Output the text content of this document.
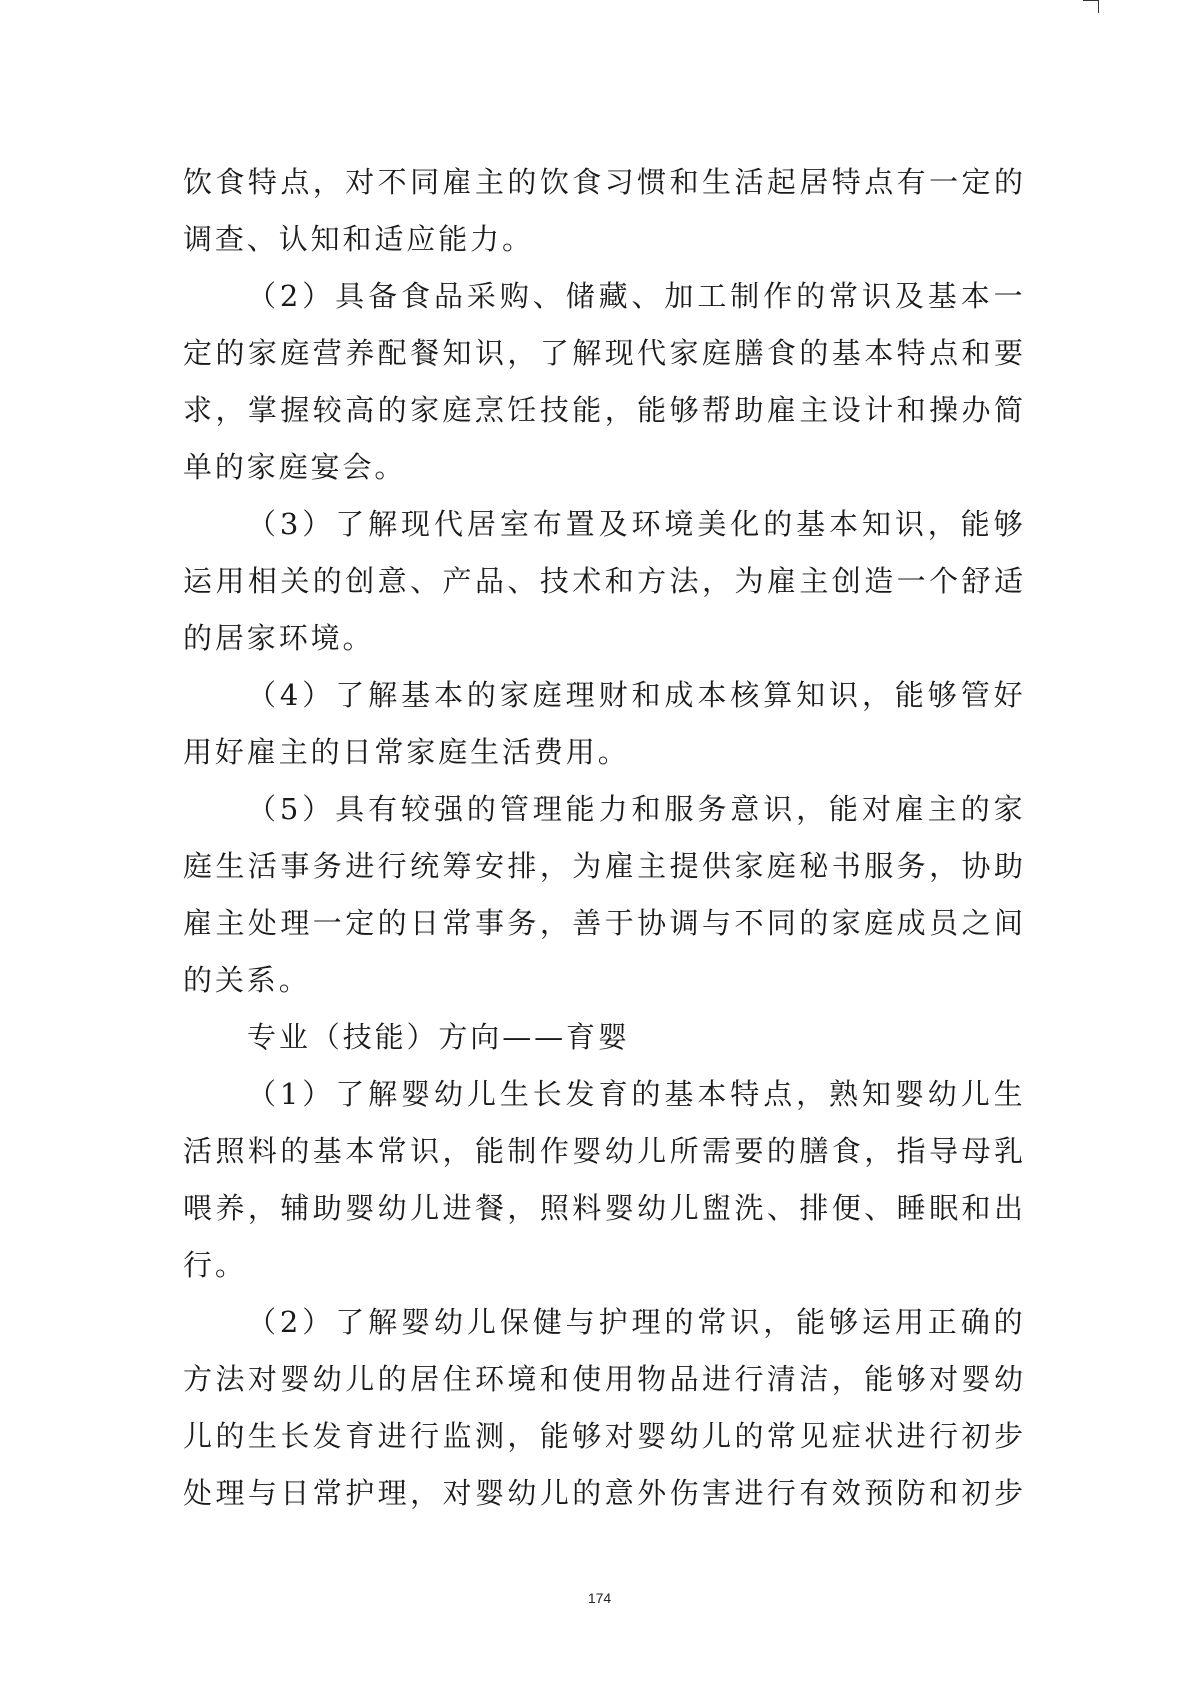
饮 食 特 点 ， 对 不 同 雇 主 的 饮 食 习 惯 和 生 活 起 居 特 点 有 一 定 的
调查、认知和适应能力。
（ 2 ） 具 备 食 品 采 购 、 储 藏 、 加 工 制 作 的 常 识 及 基 本 一
定 的 家 庭 营 养 配 餐 知 识 ， 了 解 现 代 家 庭 膳 食 的 基 本 特 点 和 要
求 ， 掌 握 较 高 的 家 庭 烹 饪 技 能 ， 能 够 帮 助 雇 主 设 计 和 操 办 简
单的家庭宴会。
（ 3 ） 了 解 现 代 居 室 布 置 及 环 境 美 化 的 基 本 知 识 ， 能 够
运 用 相 关 的 创 意 、 产 品 、 技 术 和 方 法 ， 为 雇 主 创 造 一 个 舒 适
的居家环境。
（ 4 ） 了 解 基 本 的 家 庭 理 财 和 成 本 核 算 知 识 ， 能 够 管 好
用好雇主的日常家庭生活费用。
（ 5 ） 具 有 较 强 的 管 理 能 力 和 服 务 意 识 ， 能 对 雇 主 的 家
庭 生 活 事 务 进 行 统 筹 安 排 ， 为 雇 主 提 供 家 庭 秘 书 服 务 ， 协 助
雇 主 处 理 一 定 的 日 常 事 务 ， 善 于 协 调 与 不 同 的 家 庭 成 员 之 间
的关系。
专业（技能）方向——育婴
（ 1 ） 了 解 婴 幼 儿 生 长 发 育 的 基 本 特 点 ， 熟 知 婴 幼 儿 生
活 照 料 的 基 本 常 识 ， 能 制 作 婴 幼 儿 所 需 要 的 膳 食 ， 指 导 母 乳
喂 养 ， 辅 助 婴 幼 儿 进 餐 ， 照 料 婴 幼 儿 盥 洗 、 排 便 、 睡 眠 和 出
行。
（ 2 ） 了 解 婴 幼 儿 保 健 与 护 理 的 常 识 ， 能 够 运 用 正 确 的
方 法 对 婴 幼 儿 的 居 住 环 境 和 使 用 物 品 进 行 清 洁 ， 能 够 对 婴 幼
儿 的 生 长 发 育 进 行 监 测 ， 能 够 对 婴 幼 儿 的 常 见 症 状 进 行 初 步
处 理 与 日 常 护 理 ， 对 婴 幼 儿 的 意 外 伤 害 进 行 有 效 预 防 和 初 步
174
